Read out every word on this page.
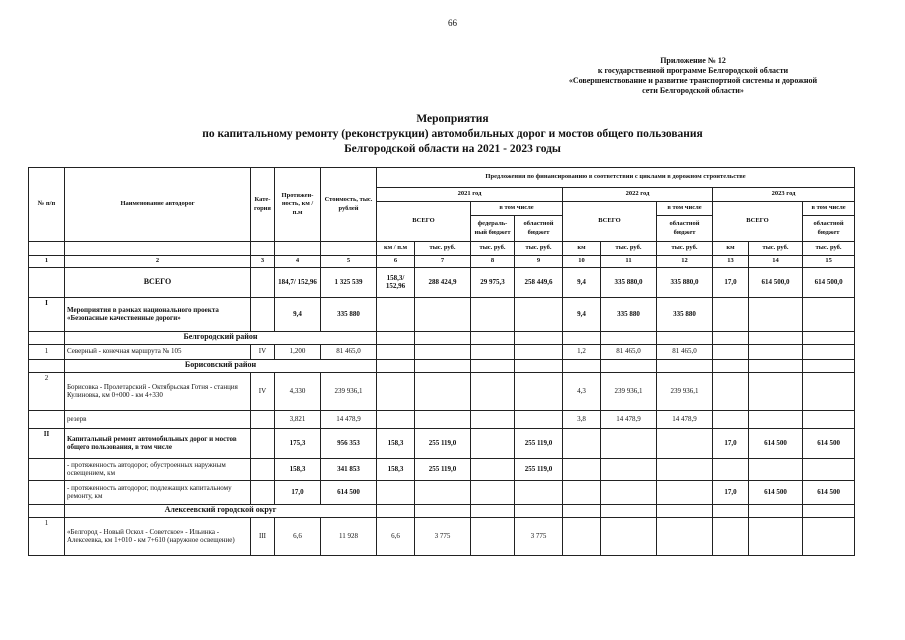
66
Приложение № 12
к государственной программе Белгородской области
«Совершенствование и развитие транспортной системы и дорожной
сети Белгородской области»
Мероприятия
по капитальному ремонту (реконструкции) автомобильных дорог и мостов общего пользования
Белгородской области на 2021 - 2023 годы
№ п/п	Наименование автодорог	Кате-гория	Протяжен-ность, км / п.м	Стоимость, тыс. рублей	Предложения по финансированию в соответствии с циклами в дорожном строительстве									
					2021 год				2022 год			2023 год		
					ВСЕГО		в том числе		ВСЕГО		в том числе	ВСЕГО		в том числе
							федераль-ный бюджет	областной бюджет			областной бюджет			областной бюджет
					км / п.м	тыс. руб.	тыс. руб.	тыс. руб.	км	тыс. руб.	тыс. руб.	км	тыс. руб.	тыс. руб.
1	2	3	4	5	6	7	8	9	10	11	12	13	14	15
	ВСЕГО		184,7/ 152,96	1 325 539	158,3/ 152,96	288 424,9	29 975,3	258 449,6	9,4	335 880,0	335 880,0	17,0	614 500,0	614 500,0
I	Мероприятия в рамках национального проекта «Безопасные качественные дороги»		9,4	335 880					9,4	335 880	335 880			
	Белгородский район													
1	Северный - конечная маршрута № 105	IV	1,200	81 465,0					1,2	81 465,0	81 465,0			
	Борисовский район													
2	Борисовка - Пролетарский - Октябрьская Готня - станция Кулиновка, км 0+000 - км 4+330	IV	4,330	239 936,1					4,3	239 936,1	239 936,1			
	резерв		3,821	14 478,9					3,8	14 478,9	14 478,9			
II	Капитальный ремонт автомобильных дорог и мостов общего пользования, в том числе		175,3	956 353	158,3	255 119,0		255 119,0				17,0	614 500	614 500
	- протяженность автодорог, обустроенных наружным освещением, км		158,3	341 853	158,3	255 119,0		255 119,0						
	- протяженность автодорог, подлежащих капитальному ремонту, км		17,0	614 500								17,0	614 500	614 500
	Алексеевский городской округ													
1	«Белгород - Новый Оскол - Советское» - Ильинка - Алексеевка, км 1+010 - км 7+610 (наружное освещение)	III	6,6	11 928	6,6	3 775		3 775						
